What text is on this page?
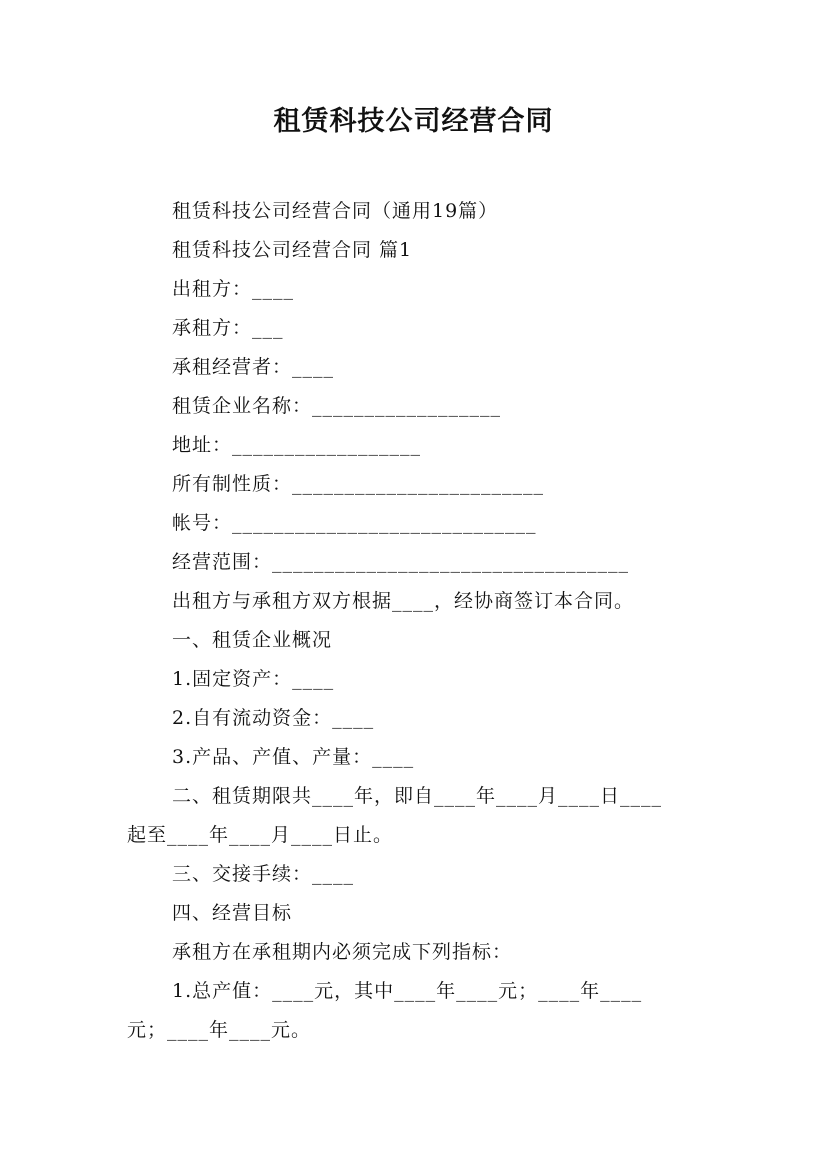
租赁科技公司经营合同
租赁科技公司经营合同（通用19篇）
租赁科技公司经营合同 篇1
出租方：____
承租方：___
承租经营者：____
租赁企业名称：__________________
地址：__________________
所有制性质：________________________
帐号：_____________________________
经营范围：__________________________________
出租方与承租方双方根据____，经协商签订本合同。
一、租赁企业概况
1.固定资产：____
2.自有流动资金：____
3.产品、产值、产量：____
二、租赁期限共____年，即自____年____月____日____
起至____年____月____日止。
三、交接手续：____
四、经营目标
承租方在承租期内必须完成下列指标：
1.总产值：____元，其中____年____元；____年____
元；____年____元。
